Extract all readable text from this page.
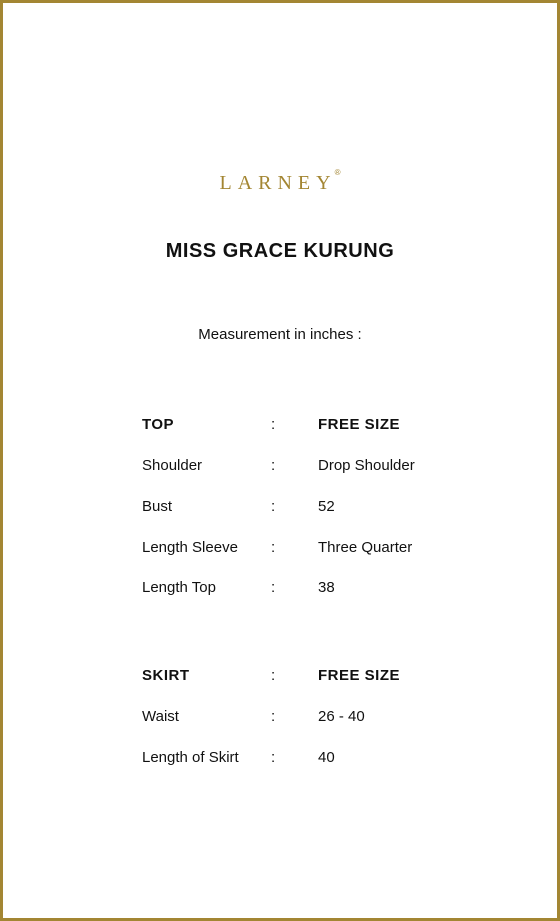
LARNEY®
MISS GRACE KURUNG
Measurement in inches :
TOP	:	FREE SIZE
Shoulder	:	Drop Shoulder
Bust	:	52
Length Sleeve :	Three Quarter
Length Top	:	38
SKIRT	:	FREE SIZE
Waist	:	26 - 40
Length of Skirt :	40
